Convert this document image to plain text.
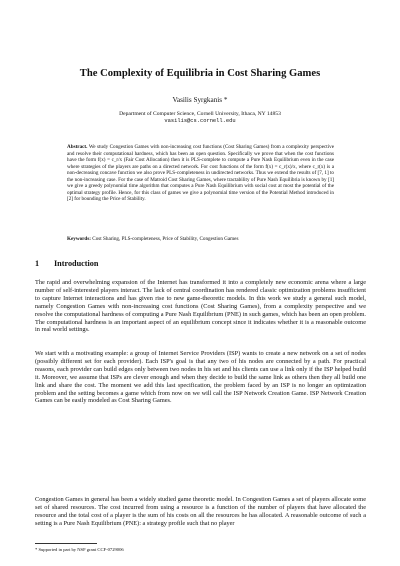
The Complexity of Equilibria in Cost Sharing Games
Vasilis Syrgkanis *
Department of Computer Science, Cornell University, Ithaca, NY 14853
vasilis@cs.cornell.edu
Abstract. We study Congestion Games with non-increasing cost functions (Cost Sharing Games) from a complexity perspective and resolve their computational hardness, which has been an open question. Specifically we prove that when the cost functions have the form f(x) = c_r/x (Fair Cost Allocation) then it is PLS-complete to compute a Pure Nash Equilibrium even in the case where strategies of the players are paths on a directed network. For cost functions of the form f(x) = c_r(x)/x, where c_r(x) is a non-decreasing concave function we also prove PLS-completeness in undirected networks. Thus we extend the results of [7, 1] to the non-increasing case. For the case of Matroid Cost Sharing Games, where tractability of Pure Nash Equilibria is known by [1] we give a greedy polynomial time algorithm that computes a Pure Nash Equilibrium with social cost at most the potential of the optimal strategy profile. Hence, for this class of games we give a polynomial time version of the Potential Method introduced in [2] for bounding the Price of Stability.
Keywords: Cost Sharing, PLS-completeness, Price of Stability, Congestion Games
1 Introduction
The rapid and overwhelming expansion of the Internet has transformed it into a completely new economic arena where a large number of self-interested players interact. The lack of central coordination has rendered classic optimization problems insufficient to capture Internet interactions and has given rise to new game-theoretic models. In this work we study a general such model, namely Congestion Games with non-increasing cost functions (Cost Sharing Games), from a complexity perspective and we resolve the computational hardness of computing a Pure Nash Equilibrium (PNE) in such games, which has been an open problem. The computational hardness is an important aspect of an equilibrium concept since it indicates whether it is a reasonable outcome in real world settings.
We start with a motivating example: a group of Internet Service Providers (ISP) wants to create a new network on a set of nodes (possibly different set for each provider). Each ISP's goal is that any two of his nodes are connected by a path. For practical reasons, each provider can build edges only between two nodes in his set and his clients can use a link only if the ISP helped build it. Moreover, we assume that ISPs are clever enough and when they decide to build the same link as others then they all build one link and share the cost. The moment we add this last specification, the problem faced by an ISP is no longer an optimization problem and the setting becomes a game which from now on we will call the ISP Network Creation Game. ISP Network Creation Games can be easily modeled as Cost Sharing Games.
Congestion Games in general has been a widely studied game theoretic model. In Congestion Games a set of players allocate some set of shared resources. The cost incurred from using a resource is a function of the number of players that have allocated the resource and the total cost of a player is the sum of his costs on all the resources he has allocated. A reasonable outcome of such a setting is a Pure Nash Equilibrium (PNE): a strategy profile such that no player
* Supported in part by NSF grant CCF-0729006
